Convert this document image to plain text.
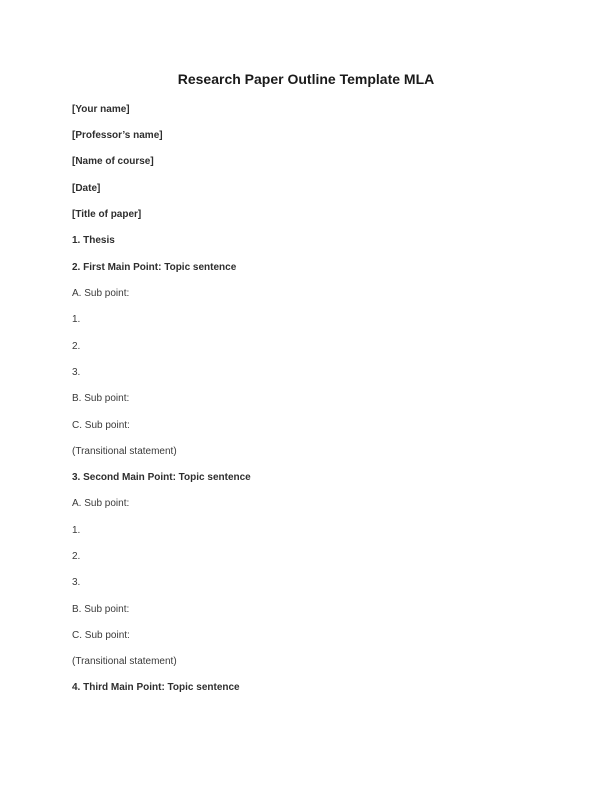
Research Paper Outline Template MLA
[Your name]
[Professor’s name]
[Name of course]
[Date]
[Title of paper]
1. Thesis
2. First Main Point: Topic sentence
A. Sub point:
1.
2.
3.
B. Sub point:
C. Sub point:
(Transitional statement)
3. Second Main Point: Topic sentence
A. Sub point:
1.
2.
3.
B. Sub point:
C. Sub point:
(Transitional statement)
4. Third Main Point: Topic sentence
